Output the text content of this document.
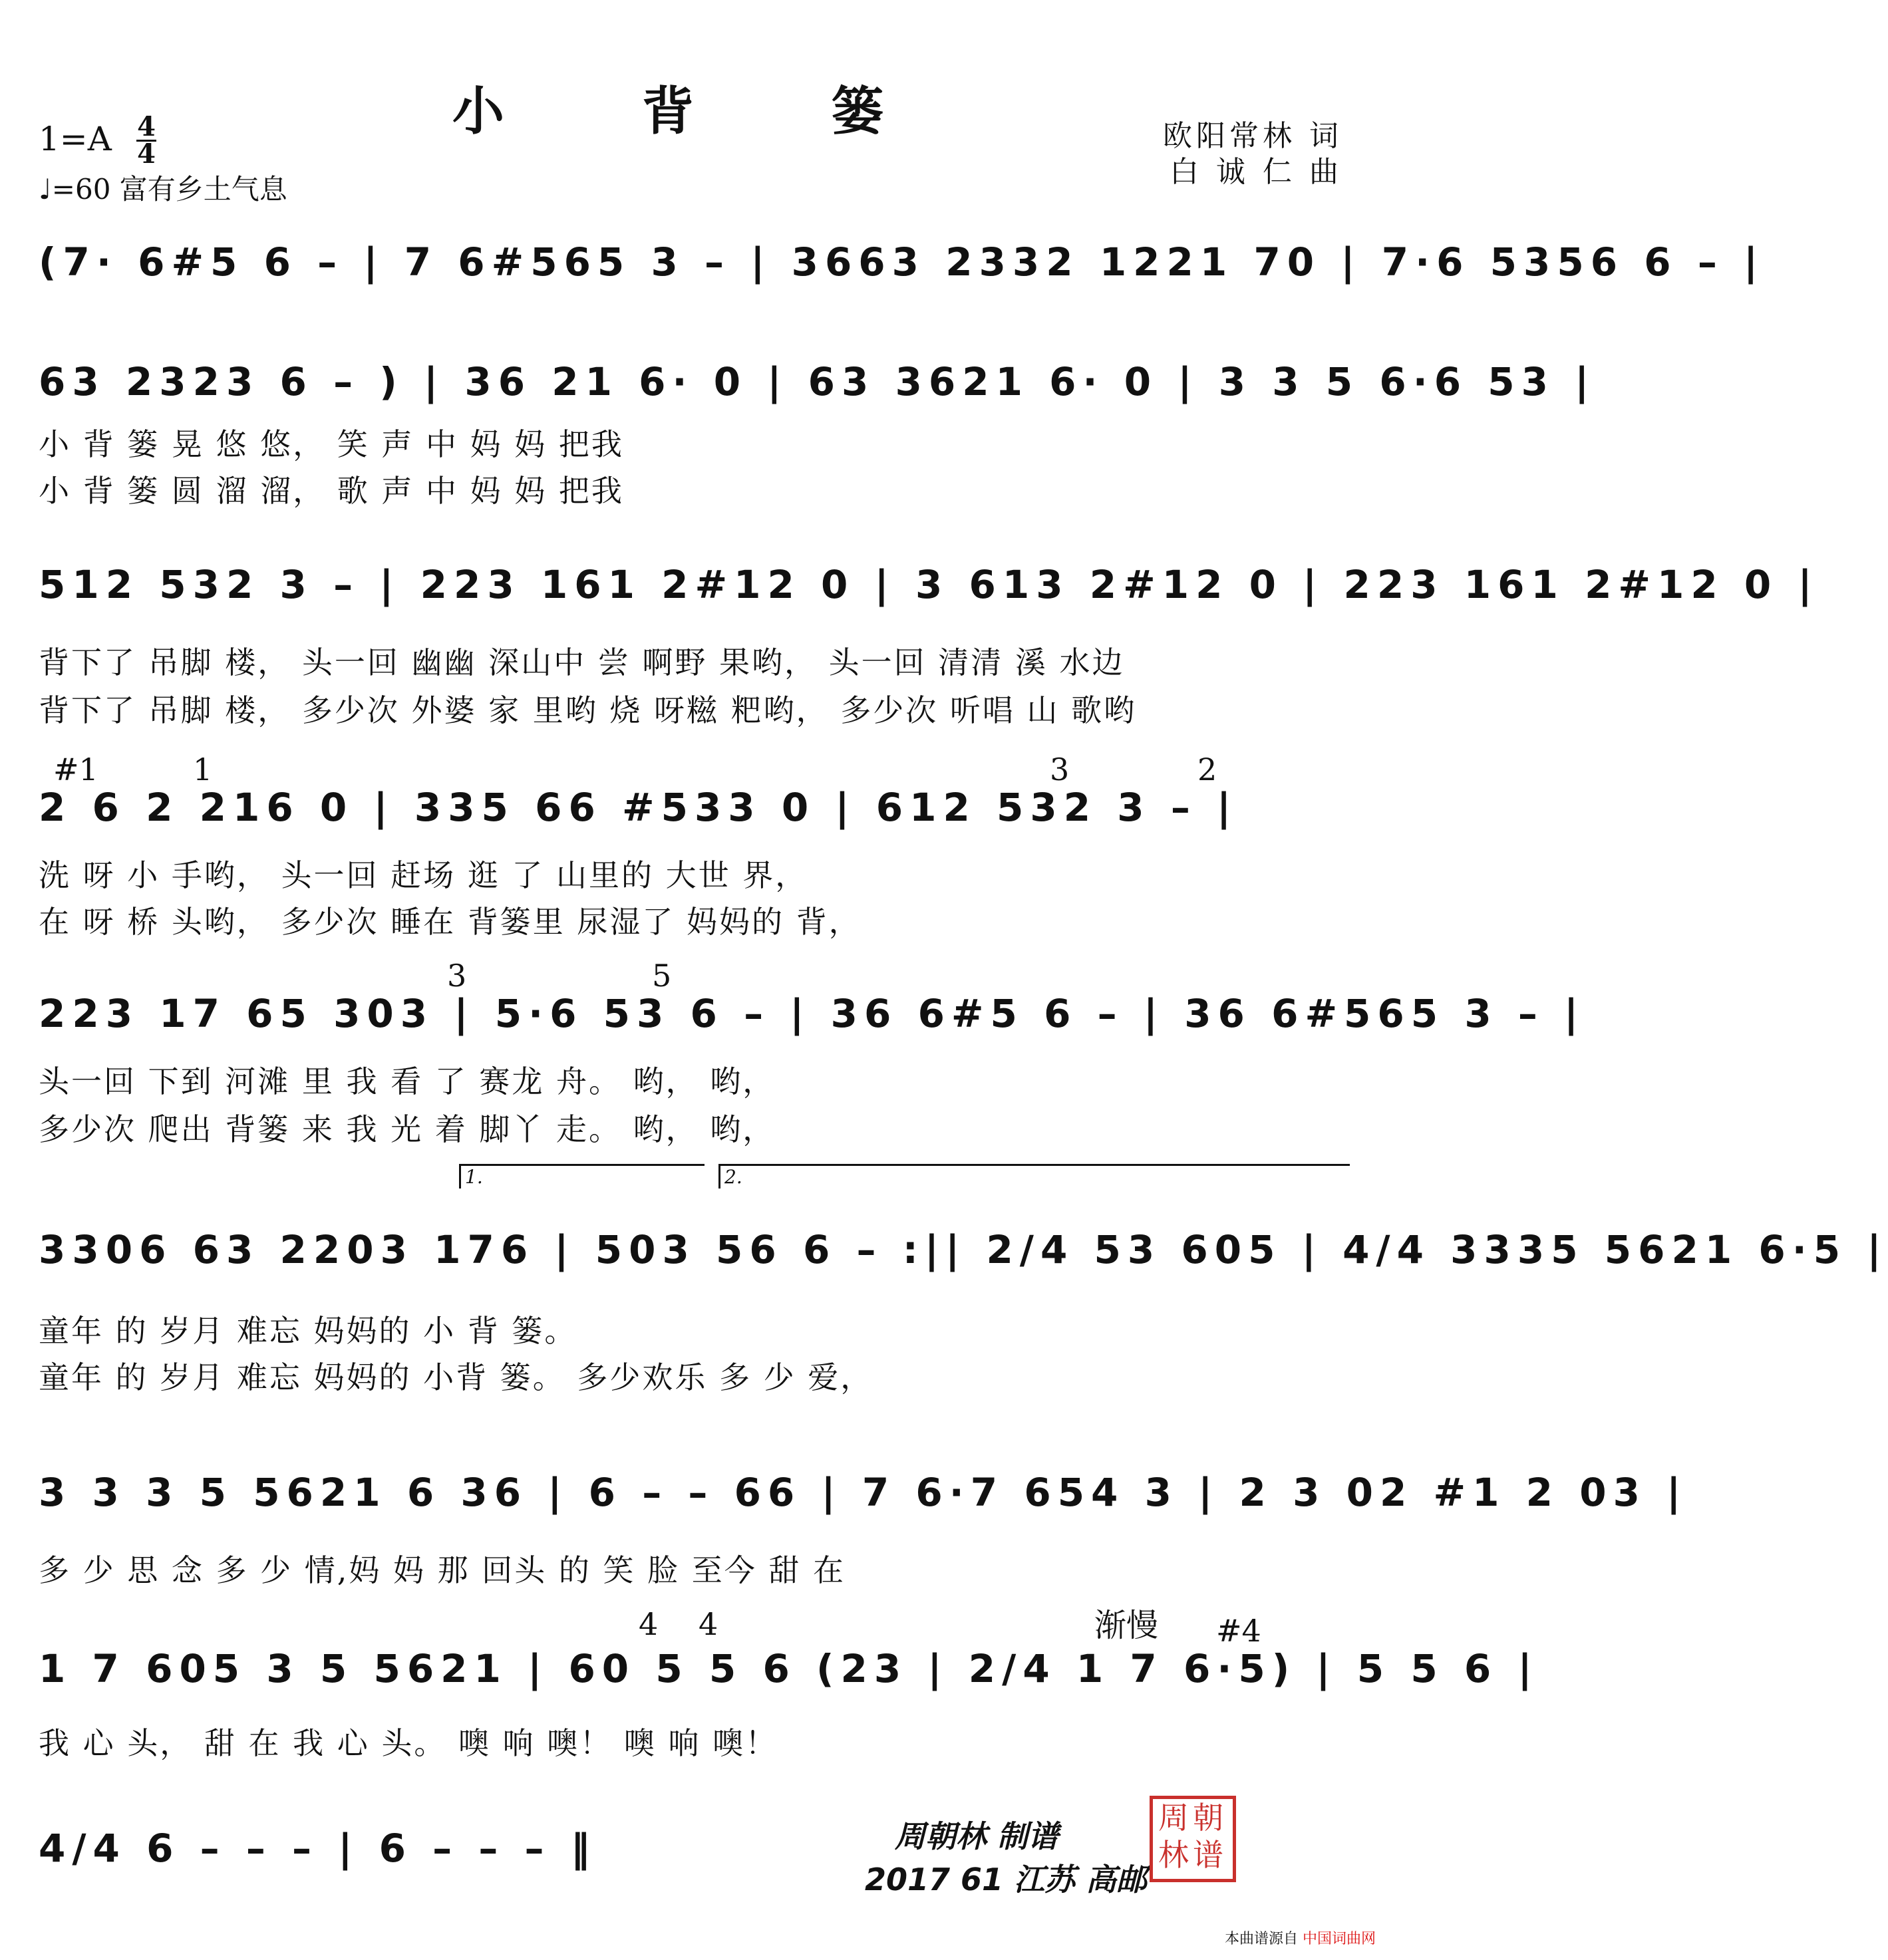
小 背 篓
1=A 4
4
♩=60 富有乡土气息
欧阳常林 词
白 诚 仁 曲
(7· 6#5 6 – | 7 6#565 3 – | 3663 2332 1221 70 | 7·6 5356 6 – |
63 2323 6 – ) | 36 21 6· 0 | 63 3621 6· 0 | 3 3 5 6·6 53 |
小 背 篓 晃 悠 悠， 笑 声 中 妈 妈 把我
小 背 篓 圆 溜 溜， 歌 声 中 妈 妈 把我
512 532 3 – | 223 161 2#12 0 | 3 613 2#12 0 | 223 161 2#12 0 |
背下了 吊脚 楼， 头一回 幽幽 深山中 尝 啊野 果哟， 头一回 清清 溪 水边
背下了 吊脚 楼， 多少次 外婆 家 里哟 烧 呀糍 粑哟， 多少次 听唱 山 歌哟
#1	1	3	2
2 6 2 216 0 | 335 66 #533 0 | 612 532 3 – |
洗 呀 小 手哟， 头一回 赶场 逛 了 山里的 大世 界，
在 呀 桥 头哟， 多少次 睡在 背篓里 尿湿了 妈妈的 背，
3	5
223 17 65 303 | 5·6 53 6 – | 36 6#5 6 – | 36 6#565 3 – |
头一回 下到 河滩 里 我 看 了 赛龙 舟。 哟， 哟，
多少次 爬出 背篓 来 我 光 着 脚丫 走。 哟， 哟，
1.	2.
3306 63 2203 176 | 503 56 6 – :|| 2/4 53 605 | 4/4 3335 5621 6·5 |
童年 的 岁月 难忘 妈妈的 小 背 篓。
童年 的 岁月 难忘 妈妈的 小背 篓。 多少欢乐 多 少 爱，
3 3 3 5 5621 6 36 | 6 – – 66 | 7 6·7 654 3 | 2 3 02 #1 2 03 |
多 少 思 念 多 少 情,妈 妈 那 回头 的 笑 脸 至今 甜 在
渐慢
4 4	#4
1 7 605 3 5 5621 | 60 5 5 6 (23 | 2/4 1 7 6·5) | 5 5 6 |
我 心 头， 甜 在 我 心 头。 噢 响 噢！ 噢 响 噢！
4/4 6 – – – | 6 – – – ‖	周朝林 制谱
2017 61 江苏 高邮
周朝林谱
本曲谱源自 中国词曲网
